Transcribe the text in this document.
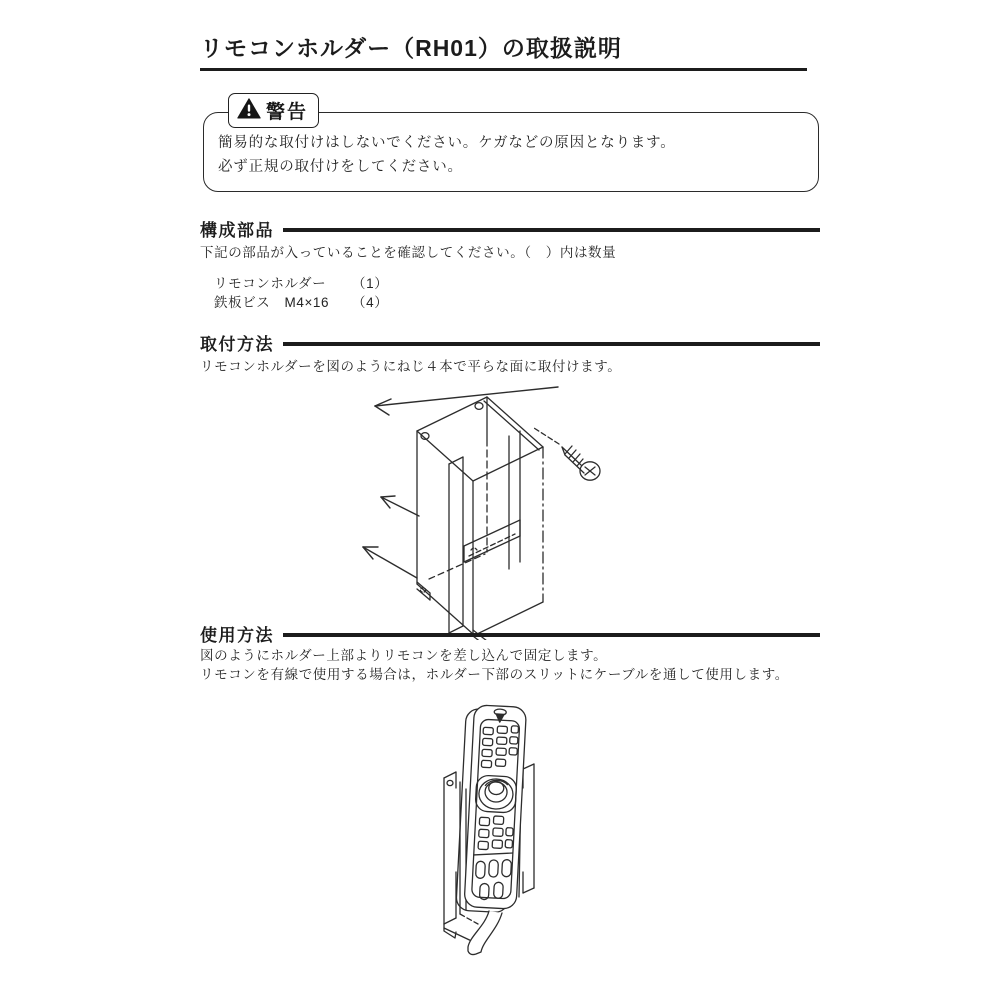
リモコンホルダー（RH01）の取扱説明
警告
簡易的な取付けはしないでください。ケガなどの原因となります。
必ず正規の取付けをしてください。
構成部品

下記の部品が入っていることを確認してください。（　）内は数量

リモコンホルダー	（1）
鉄板ビス　M4×16	（4）
取付方法

リモコンホルダーを図のようにねじ４本で平らな面に取付けます。

使用方法
図のようにホルダー上部よりリモコンを差し込んで固定します。
リモコンを有線で使用する場合は，ホルダー下部のスリットにケーブルを通して使用します。
